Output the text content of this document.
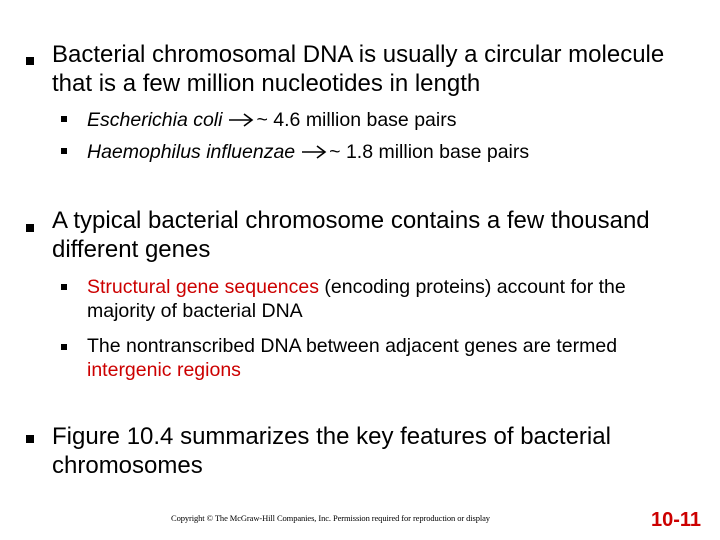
Bacterial chromosomal DNA is usually a circular molecule that is a few million nucleotides in length
Escherichia coli ~ 4.6 million base pairs
Haemophilus influenzae ~ 1.8 million base pairs
A typical bacterial chromosome contains a few thousand different genes
Structural gene sequences (encoding proteins) account for the majority of bacterial DNA
The nontranscribed DNA between adjacent genes are termed intergenic regions
Figure 10.4 summarizes the key features of bacterial chromosomes
Copyright © The McGraw-Hill Companies, Inc. Permission required for reproduction or display	10-11
